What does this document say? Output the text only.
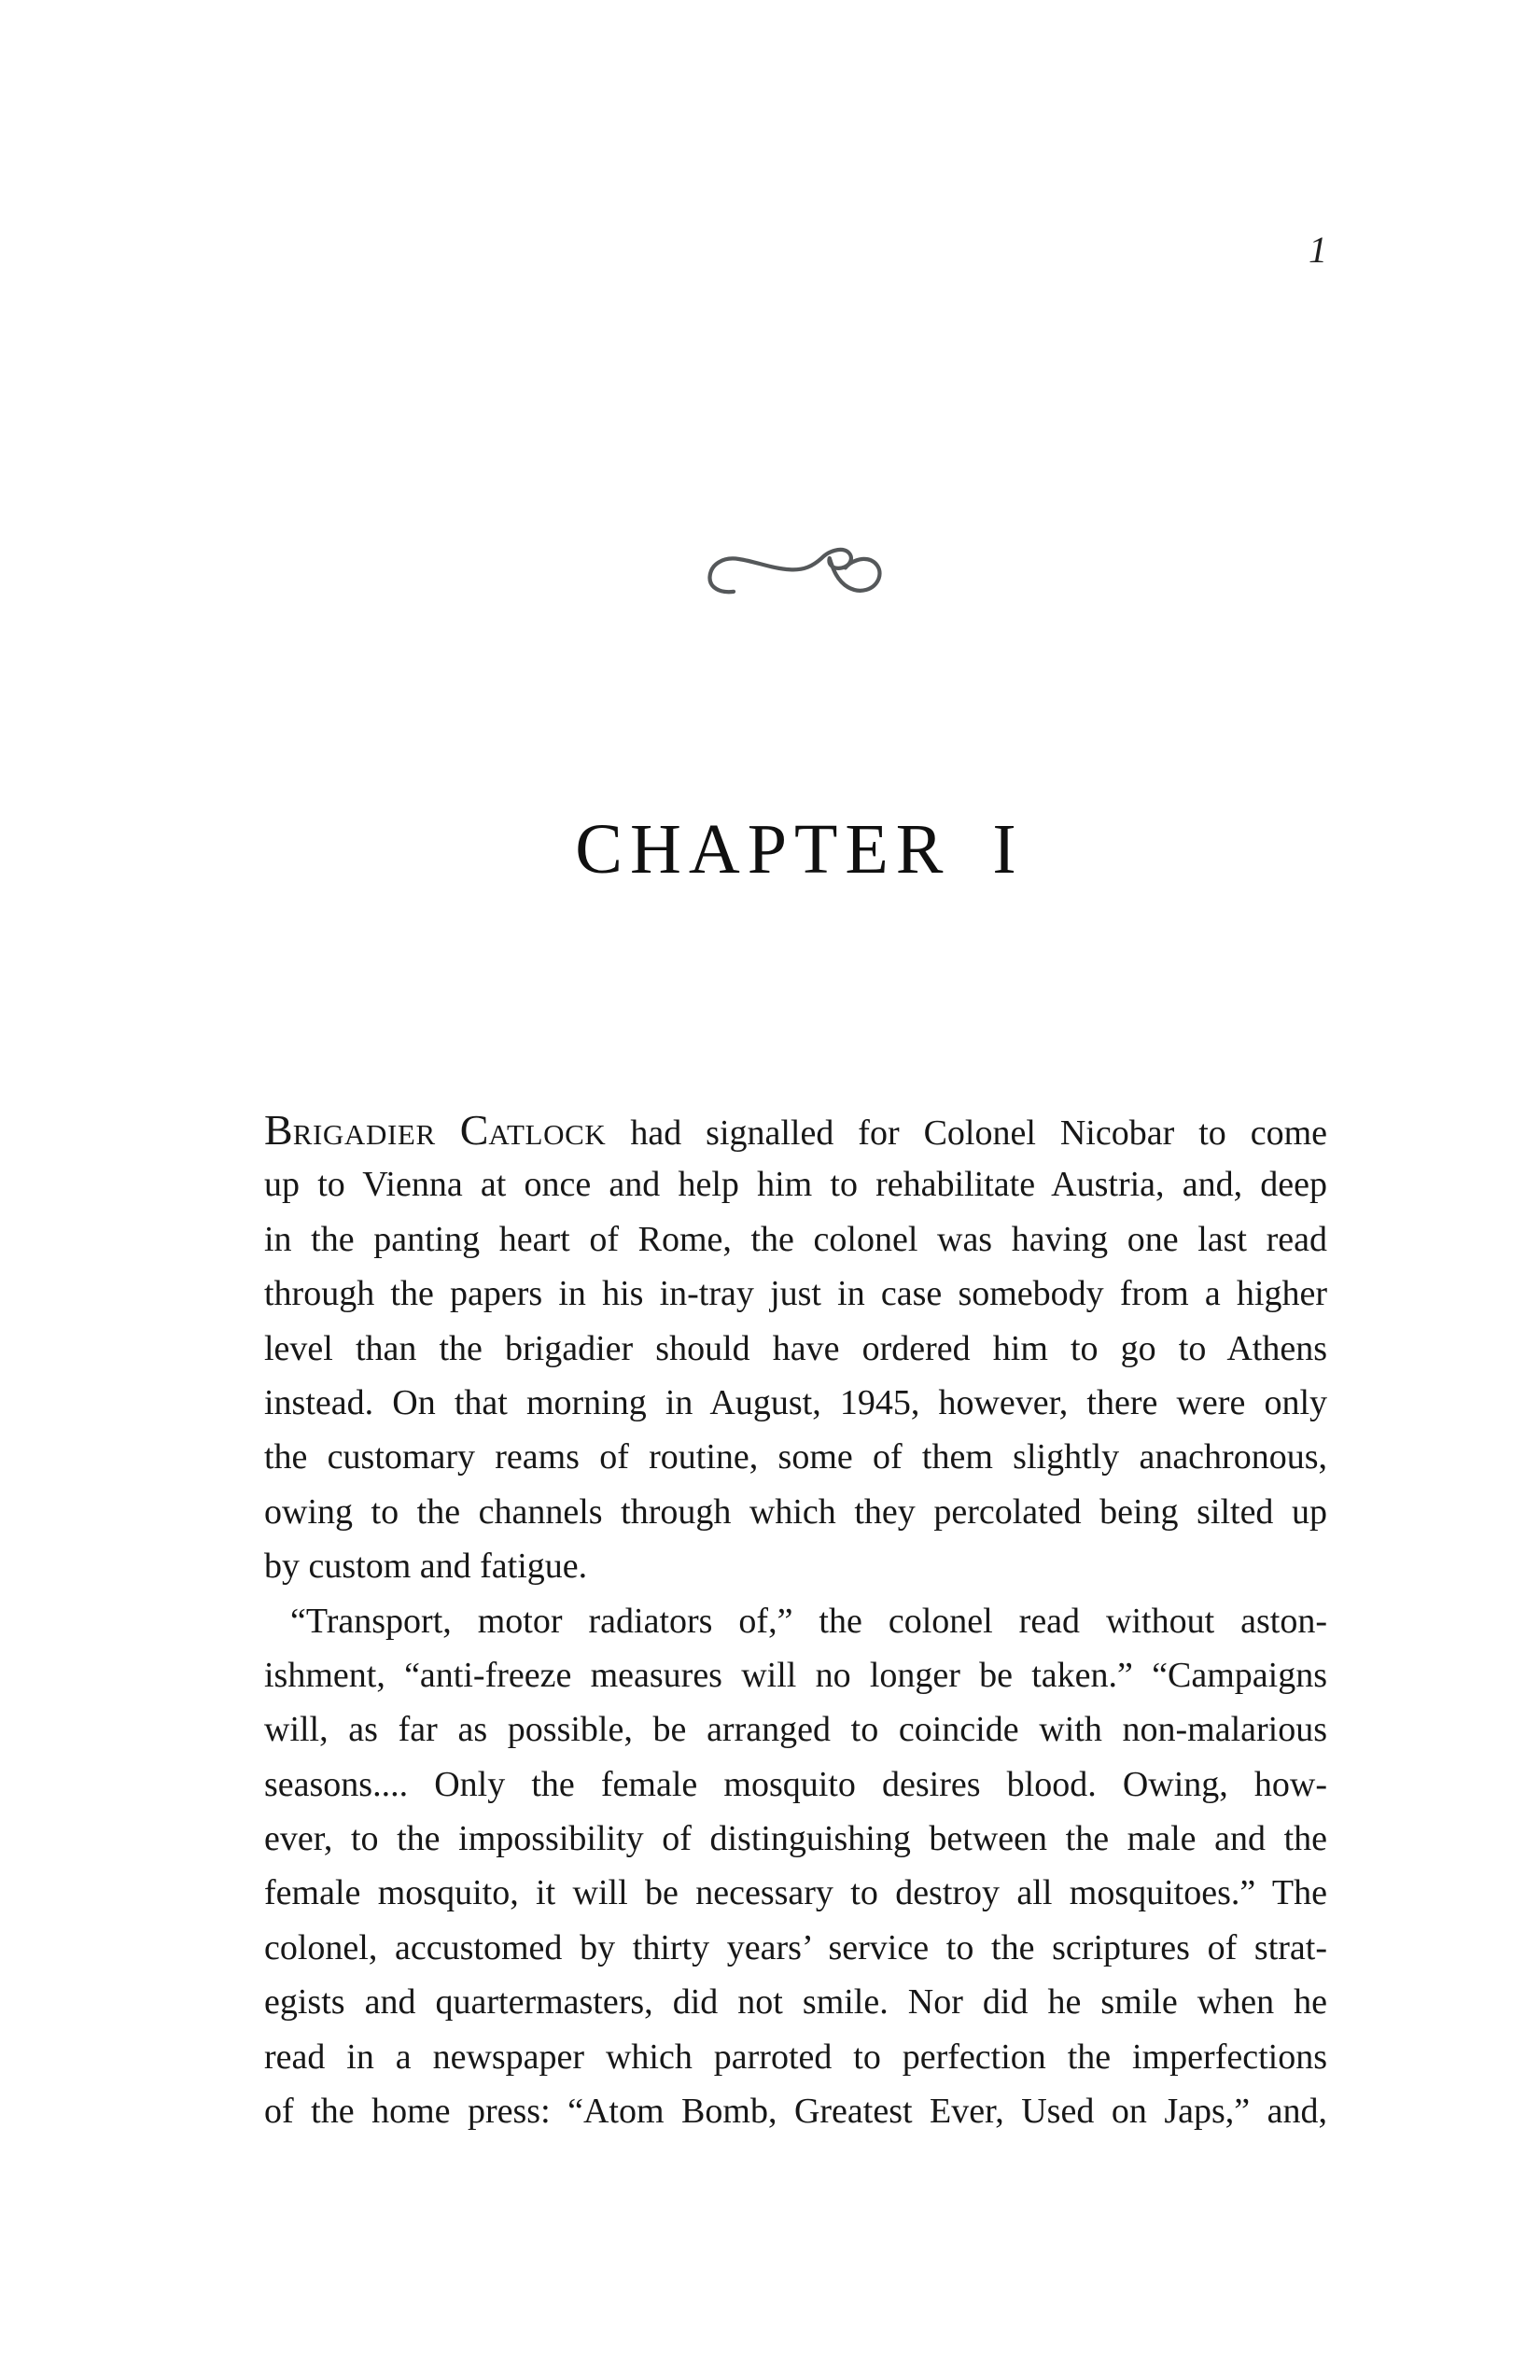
1
CHAPTER I
BRIGADIER CATLOCK had signalled for Colonel Nicobar to come
up to Vienna at once and help him to rehabilitate Austria, and, deep
in the panting heart of Rome, the colonel was having one last read
through the papers in his in-tray just in case somebody from a higher
level than the brigadier should have ordered him to go to Athens
instead. On that morning in August, 1945, however, there were only
the customary reams of routine, some of them slightly anachronous,
owing to the channels through which they percolated being silted up
by custom and fatigue.
“Transport, motor radiators of,” the colonel read without aston-
ishment, “anti-freeze measures will no longer be taken.” “Campaigns
will, as far as possible, be arranged to coincide with non-malarious
seasons.... Only the female mosquito desires blood. Owing, how-
ever, to the impossibility of distinguishing between the male and the
female mosquito, it will be necessary to destroy all mosquitoes.” The
colonel, accustomed by thirty years’ service to the scriptures of strat-
egists and quartermasters, did not smile. Nor did he smile when he
read in a newspaper which parroted to perfection the imperfections
of the home press: “Atom Bomb, Greatest Ever, Used on Japs,” and,
